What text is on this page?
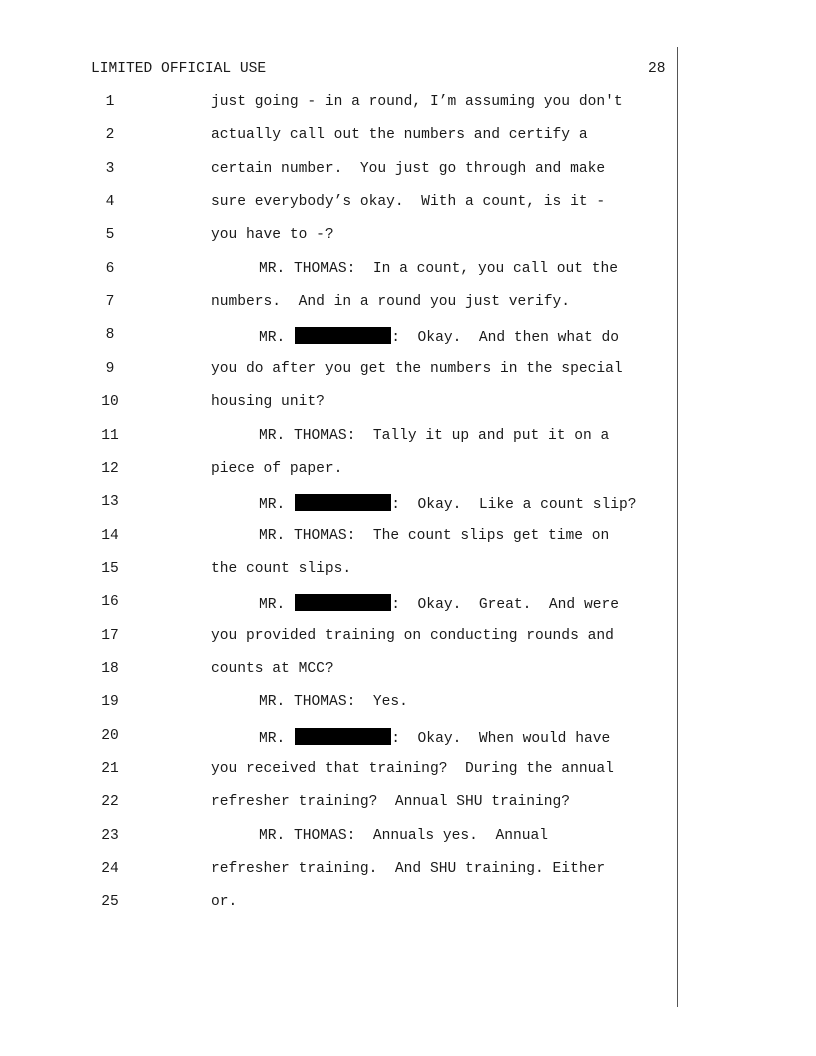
LIMITED OFFICIAL USE	28
1	just going - in a round, I’m assuming you don't
2	actually call out the numbers and certify a
3	certain number.  You just go through and make
4	sure everybody’s okay.  With a count, is it -
5	you have to -?
6	MR. THOMAS:  In a count, you call out the
7	numbers.  And in a round you just verify.
8	MR.	:  Okay.  And then what do
9	you do after you get the numbers in the special
10	housing unit?
11	MR. THOMAS:  Tally it up and put it on a
12	piece of paper.
13	MR.	:  Okay.  Like a count slip?
14	MR. THOMAS:  The count slips get time on
15	the count slips.
16	MR.	:  Okay.  Great.  And were
17	you provided training on conducting rounds and
18	counts at MCC?
19	MR. THOMAS:  Yes.
20	MR.	:  Okay.  When would have
21	you received that training?  During the annual
22	refresher training?  Annual SHU training?
23	MR. THOMAS:  Annuals yes.  Annual
24	refresher training.  And SHU training. Either
25	or.
